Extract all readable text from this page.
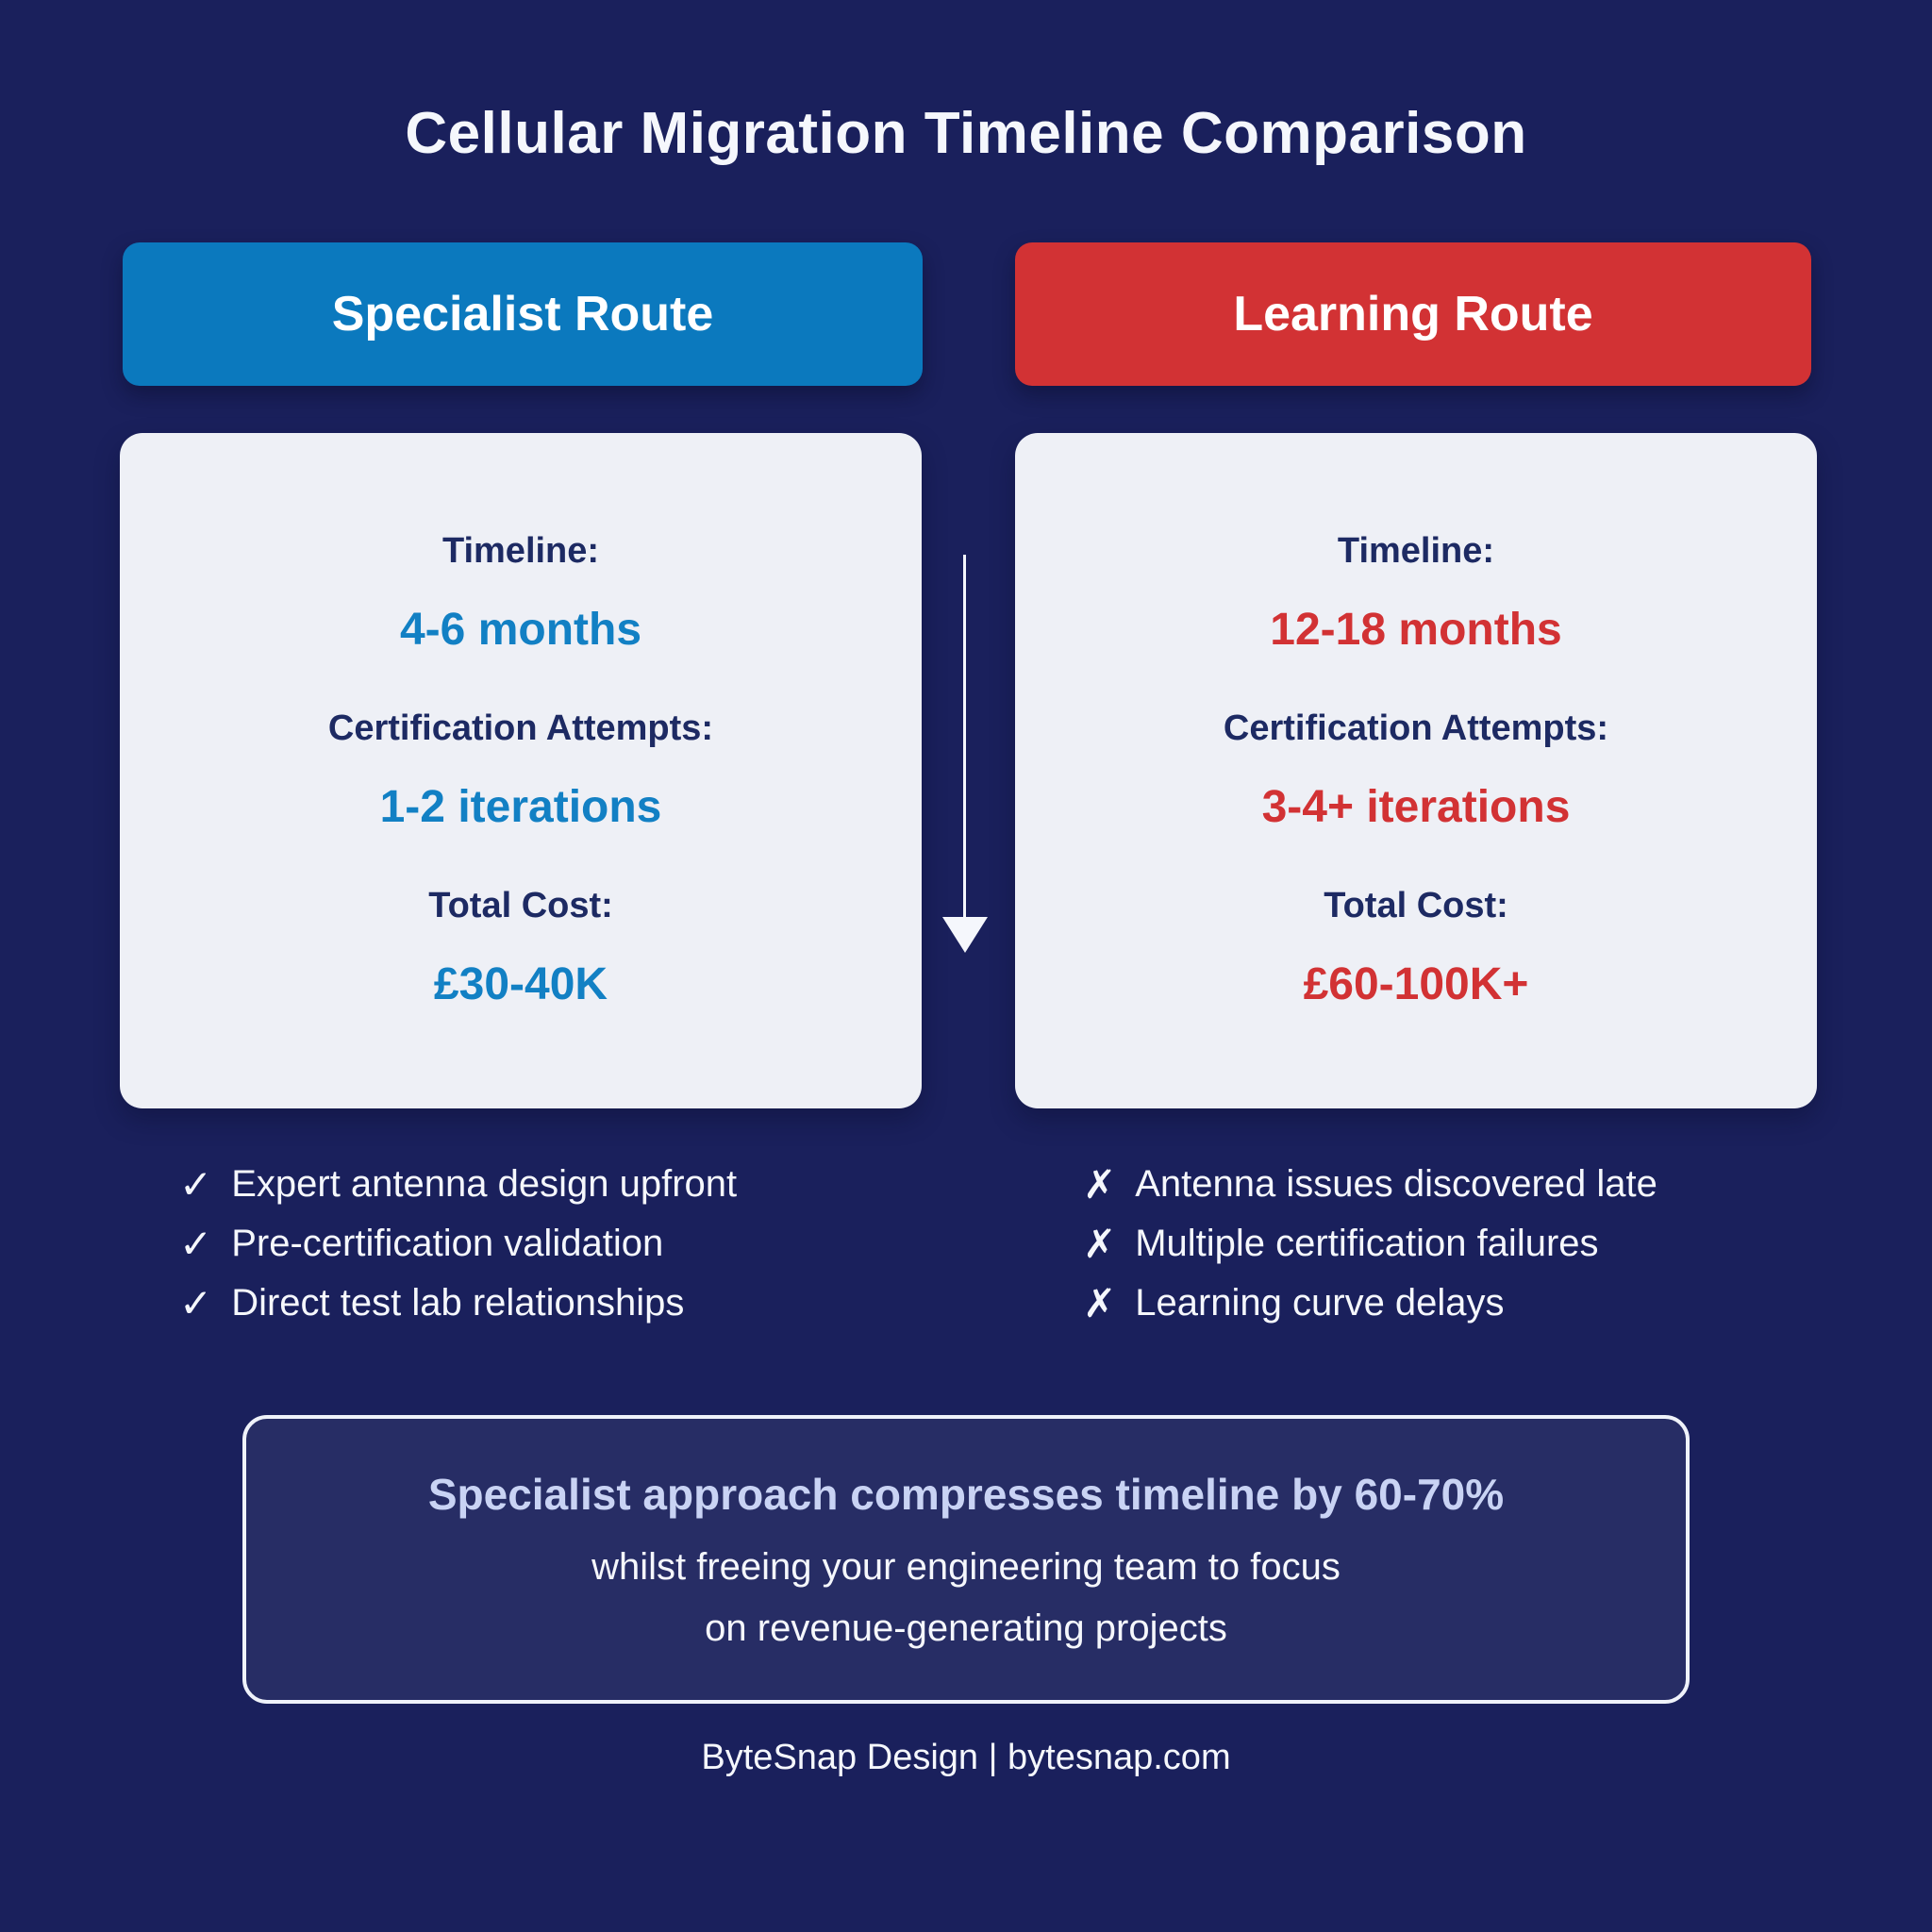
Cellular Migration Timeline Comparison
Specialist Route	Learning Route
Timeline:
4-6 months
Certification Attempts:
1-2 iterations
Total Cost:
£30-40K
Timeline:
12-18 months
Certification Attempts:
3-4+ iterations
Total Cost:
£60-100K+
✓ Expert antenna design upfront
✓ Pre-certification validation
✓ Direct test lab relationships
✗ Antenna issues discovered late
✗ Multiple certification failures
✗ Learning curve delays
Specialist approach compresses timeline by 60-70%
whilst freeing your engineering team to focus
on revenue-generating projects
ByteSnap Design | bytesnap.com
